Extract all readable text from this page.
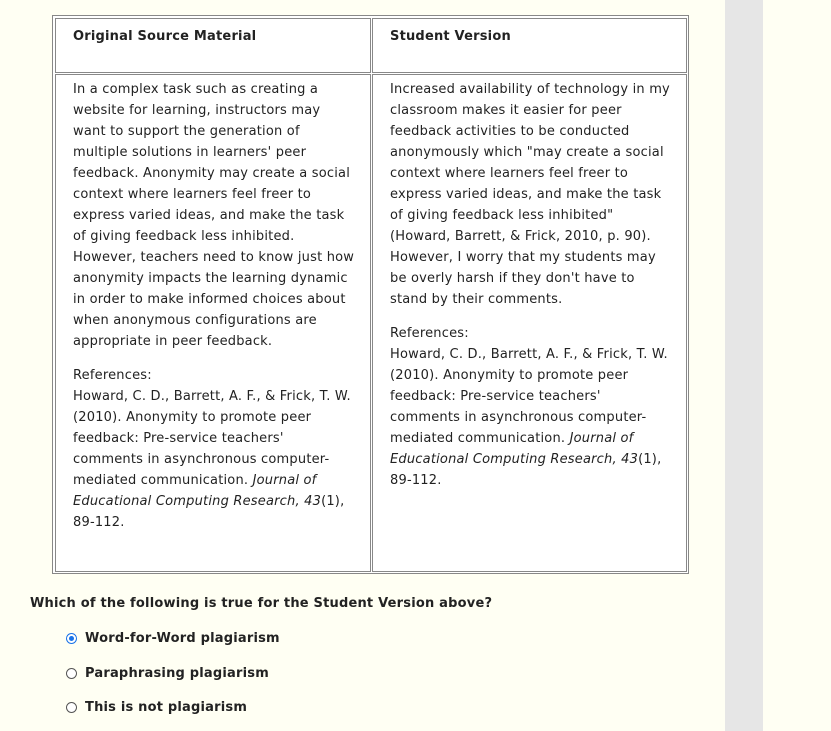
Original Source Material	Student Version
In a complex task such as creating a website for learning, instructors may want to support the generation of multiple solutions in learners' peer feedback. Anonymity may create a social context where learners feel freer to express varied ideas, and make the task of giving feedback less inhibited. However, teachers need to know just how anonymity impacts the learning dynamic in order to make informed choices about when anonymous configurations are appropriate in peer feedback.
References:
Howard, C. D., Barrett, A. F., & Frick, T. W. (2010). Anonymity to promote peer feedback: Pre-service teachers' comments in asynchronous computer-mediated communication. Journal of Educational Computing Research, 43(1), 89-112.
Increased availability of technology in my classroom makes it easier for peer feedback activities to be conducted anonymously which "may create a social context where learners feel freer to express varied ideas, and make the task of giving feedback less inhibited" (Howard, Barrett, & Frick, 2010, p. 90). However, I worry that my students may be overly harsh if they don't have to stand by their comments.
References:
Howard, C. D., Barrett, A. F., & Frick, T. W. (2010). Anonymity to promote peer feedback: Pre-service teachers' comments in asynchronous computer-mediated communication. Journal of Educational Computing Research, 43(1), 89-112.
Which of the following is true for the Student Version above?
Word-for-Word plagiarism
Paraphrasing plagiarism
This is not plagiarism
